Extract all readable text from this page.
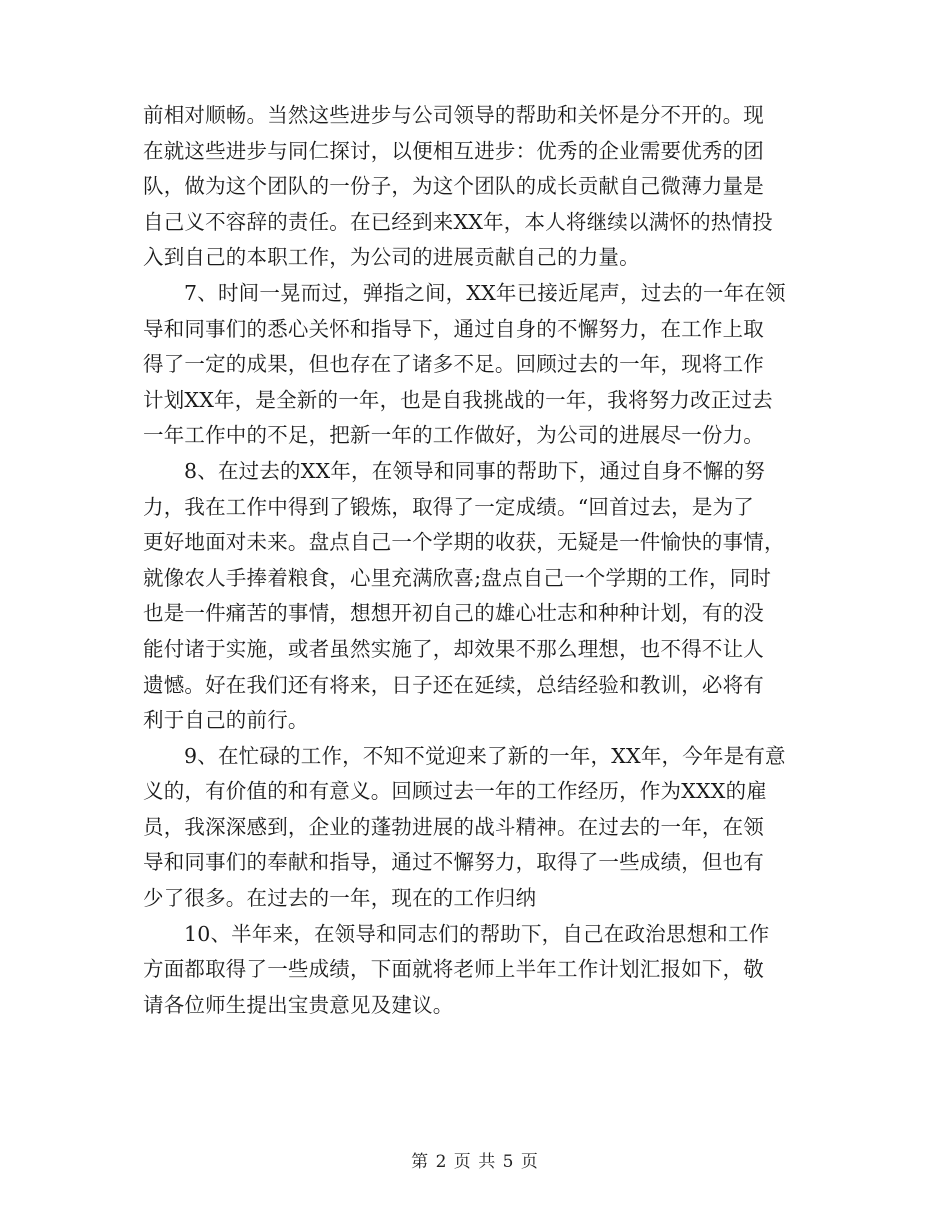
前相对顺畅。当然这些进步与公司领导的帮助和关怀是分不开的。现
在就这些进步与同仁探讨，以便相互进步：优秀的企业需要优秀的团
队，做为这个团队的一份子，为这个团队的成长贡献自己微薄力量是
自己义不容辞的责任。在已经到来XX年，本人将继续以满怀的热情投
入到自己的本职工作，为公司的进展贡献自己的力量。

7、时间一晃而过，弹指之间，XX年已接近尾声，过去的一年在领
导和同事们的悉心关怀和指导下，通过自身的不懈努力，在工作上取
得了一定的成果，但也存在了诸多不足。回顾过去的一年，现将工作
计划XX年，是全新的一年，也是自我挑战的一年，我将努力改正过去
一年工作中的不足，把新一年的工作做好，为公司的进展尽一份力。

8、在过去的XX年，在领导和同事的帮助下，通过自身不懈的努
力，我在工作中得到了锻炼，取得了一定成绩。“回首过去，是为了
更好地面对未来。盘点自己一个学期的收获，无疑是一件愉快的事情，
就像农人手捧着粮食，心里充满欣喜;盘点自己一个学期的工作，同时
也是一件痛苦的事情，想想开初自己的雄心壮志和种种计划，有的没
能付诸于实施，或者虽然实施了，却效果不那么理想，也不得不让人
遗憾。好在我们还有将来，日子还在延续，总结经验和教训，必将有
利于自己的前行。

9、在忙碌的工作，不知不觉迎来了新的一年，XX年，今年是有意
义的，有价值的和有意义。回顾过去一年的工作经历，作为XXX的雇
员，我深深感到，企业的蓬勃进展的战斗精神。在过去的一年，在领
导和同事们的奉献和指导，通过不懈努力，取得了一些成绩，但也有
少了很多。在过去的一年，现在的工作归纳

10、半年来，在领导和同志们的帮助下，自己在政治思想和工作
方面都取得了一些成绩，下面就将老师上半年工作计划汇报如下，敬
请各位师生提出宝贵意见及建议。

第 2 页 共 5 页
